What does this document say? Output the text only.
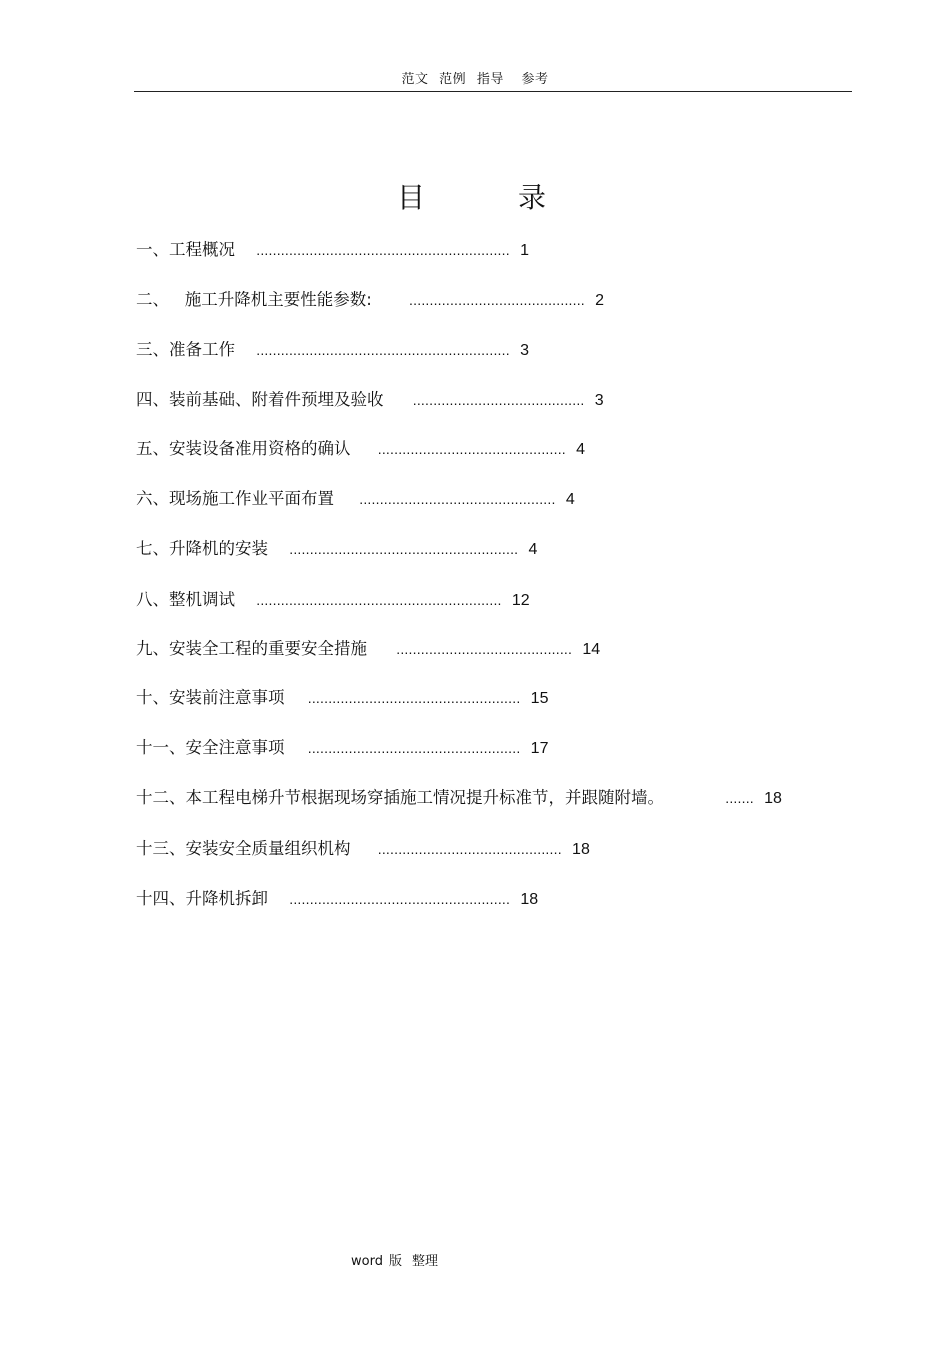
范文 范例 指导 参考
目 录
一、工程概况 .............................................................. 1
二、   施工升降机主要性能参数:	........................................... 2
三、准备工作 .............................................................. 3
四、装前基础、附着件预埋及验收 .......................................... 3
五、安装设备准用资格的确认 .............................................. 4
六、现场施工作业平面布置 ................................................ 4
七、升降机的安装 ........................................................ 4
八、整机调试 ............................................................ 12
九、安装全工程的重要安全措施 ........................................... 14
十、安装前注意事项 .................................................... 15
十一、安全注意事项 .................................................... 17
十二、本工程电梯升节根据现场穿插施工情况提升标准节，并跟随附墙。	....... 18
十三、安装安全质量组织机构 ............................................. 18
十四、升降机拆卸 ...................................................... 18
word 版 整理
